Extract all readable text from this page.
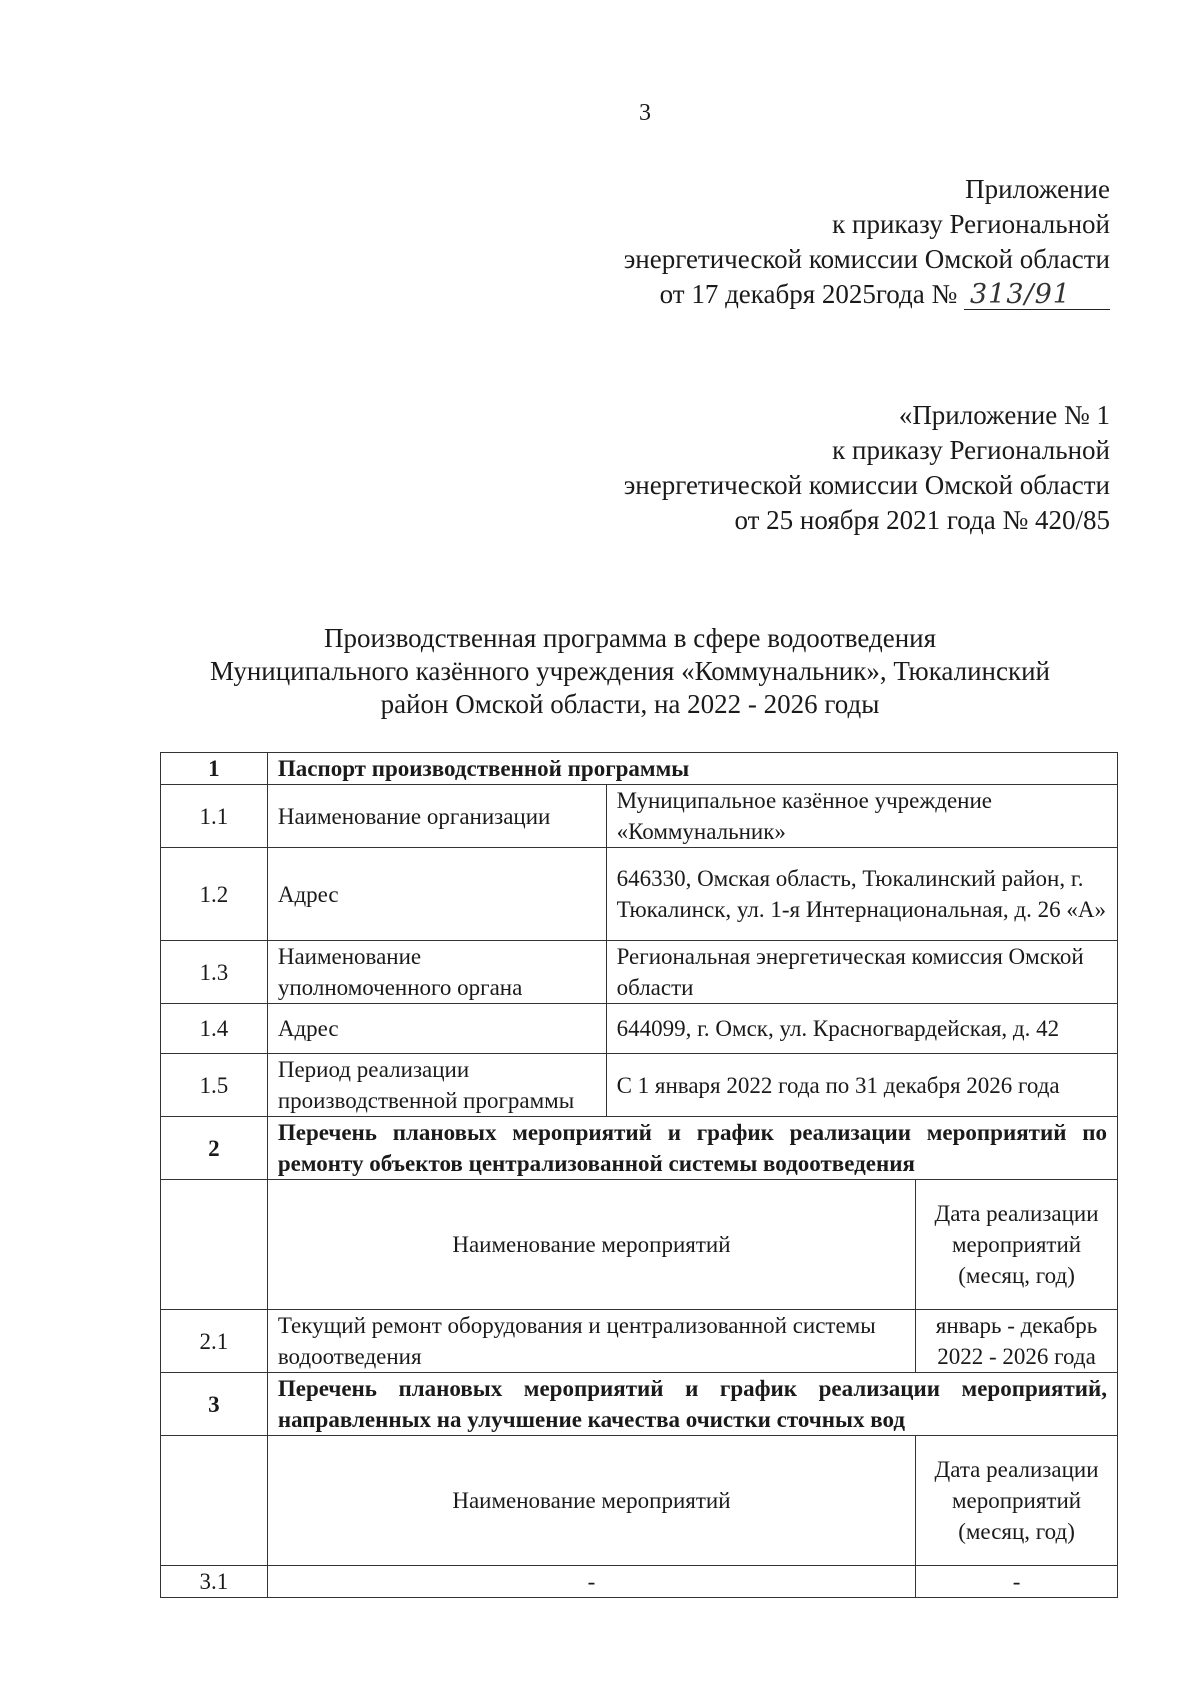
3
Приложение
к приказу Региональной
энергетической комиссии Омской области
от 17 декабря 2025года № 313/91
«Приложение № 1
к приказу Региональной
энергетической комиссии Омской области
от 25 ноября 2021 года № 420/85
Производственная программа в сфере водоотведения
Муниципального казённого учреждения «Коммунальник», Тюкалинский
район Омской области, на 2022 - 2026 годы
1	Паспорт производственной программы		
1.1	Наименование организации	Муниципальное казённое учреждение «Коммунальник»	
1.2	Адрес	646330, Омская область, Тюкалинский район, г. Тюкалинск, ул. 1-я Интернациональная, д. 26 «А»	
1.3	Наименование уполномоченного органа	Региональная энергетическая комиссия Омской области	
1.4	Адрес	644099, г. Омск, ул. Красногвардейская, д. 42	
1.5	Период реализации производственной программы	С 1 января 2022 года по 31 декабря 2026 года	
2	Перечень плановых мероприятий и график реализации мероприятий по ремонту объектов централизованной системы водоотведения		
	Наименование мероприятий		Дата реализации мероприятий (месяц, год)
2.1	Текущий ремонт оборудования и централизованной системы водоотведения		январь - декабрь 2022 - 2026 года
3	Перечень плановых мероприятий и график реализации мероприятий, направленных на улучшение качества очистки сточных вод		
	Наименование мероприятий		Дата реализации мероприятий (месяц, год)
3.1	-		-
